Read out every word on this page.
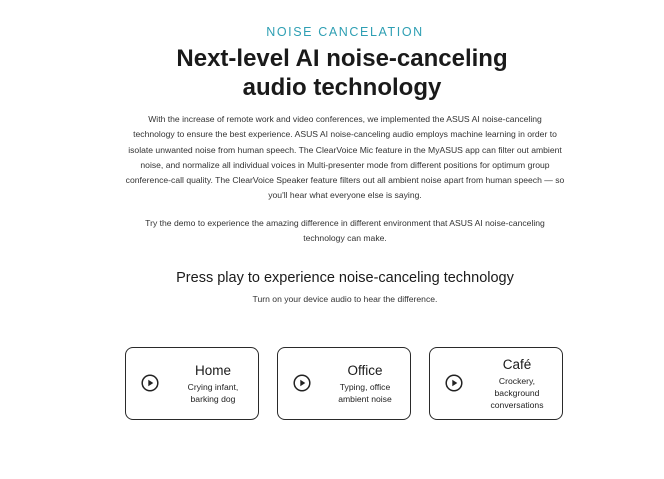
NOISE CANCELATION
Next-level AI noise-canceling
audio technology
With the increase of remote work and video conferences, we implemented the ASUS AI noise-canceling
technology to ensure the best experience. ASUS AI noise-canceling audio employs machine learning in order to
isolate unwanted noise from human speech. The ClearVoice Mic feature in the MyASUS app can filter out ambient
noise, and normalize all individual voices in Multi-presenter mode from different positions for optimum group
conference-call quality. The ClearVoice Speaker feature filters out all ambient noise apart from human speech — so
you'll hear what everyone else is saying.
Try the demo to experience the amazing difference in different environment that ASUS AI noise-canceling
technology can make.
Press play to experience noise-canceling technology
Turn on your device audio to hear the difference.
Home
Crying infant,
barking dog
Office
Typing, office
ambient noise
Café
Crockery,
background
conversations
